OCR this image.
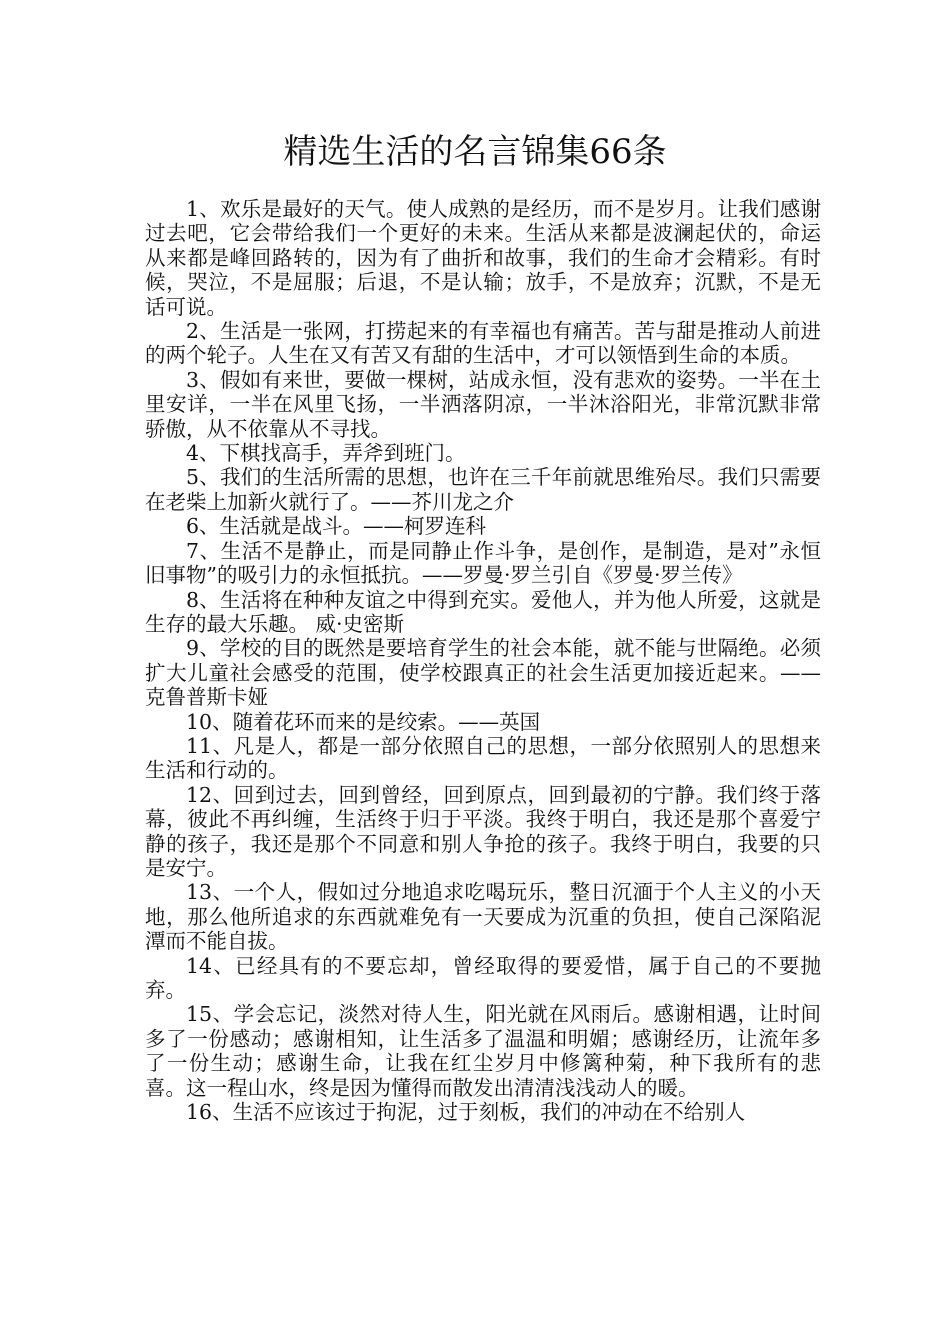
精选生活的名言锦集66条

1、欢乐是最好的天气。使人成熟的是经历，而不是岁月。让我们感谢过去吧，它会带给我们一个更好的未来。生活从来都是波澜起伏的，命运从来都是峰回路转的，因为有了曲折和故事，我们的生命才会精彩。有时候，哭泣，不是屈服；后退，不是认输；放手，不是放弃；沉默，不是无话可说。

2、生活是一张网，打捞起来的有幸福也有痛苦。苦与甜是推动人前进的两个轮子。人生在又有苦又有甜的生活中，才可以领悟到生命的本质。

3、假如有来世，要做一棵树，站成永恒，没有悲欢的姿势。一半在土里安详，一半在风里飞扬，一半洒落阴凉，一半沐浴阳光，非常沉默非常骄傲，从不依靠从不寻找。

4、下棋找高手，弄斧到班门。

5、我们的生活所需的思想，也许在三千年前就思维殆尽。我们只需要在老柴上加新火就行了。——芥川龙之介

6、生活就是战斗。——柯罗连科

7、生活不是静止，而是同静止作斗争，是创作，是制造，是对”永恒旧事物”的吸引力的永恒抵抗。——罗曼·罗兰引自《罗曼·罗兰传》

8、生活将在种种友谊之中得到充实。爱他人，并为他人所爱，这就是生存的最大乐趣。 威·史密斯

9、学校的目的既然是要培育学生的社会本能，就不能与世隔绝。必须扩大儿童社会感受的范围，使学校跟真正的社会生活更加接近起来。——克鲁普斯卡娅

10、随着花环而来的是绞索。——英国

11、凡是人，都是一部分依照自己的思想，一部分依照别人的思想来生活和行动的。

12、回到过去，回到曾经，回到原点，回到最初的宁静。我们终于落幕，彼此不再纠缠，生活终于归于平淡。我终于明白，我还是那个喜爱宁静的孩子，我还是那个不同意和别人争抢的孩子。我终于明白，我要的只是安宁。

13、一个人，假如过分地追求吃喝玩乐，整日沉湎于个人主义的小天地，那么他所追求的东西就难免有一天要成为沉重的负担，使自己深陷泥潭而不能自拔。

14、已经具有的不要忘却，曾经取得的要爱惜，属于自己的不要抛弃。

15、学会忘记，淡然对待人生，阳光就在风雨后。感谢相遇，让时间多了一份感动；感谢相知，让生活多了温温和明媚；感谢经历，让流年多了一份生动；感谢生命，让我在红尘岁月中修篱种菊，种下我所有的悲喜。这一程山水，终是因为懂得而散发出清清浅浅动人的暖。

16、生活不应该过于拘泥，过于刻板，我们的冲动在不给别人
